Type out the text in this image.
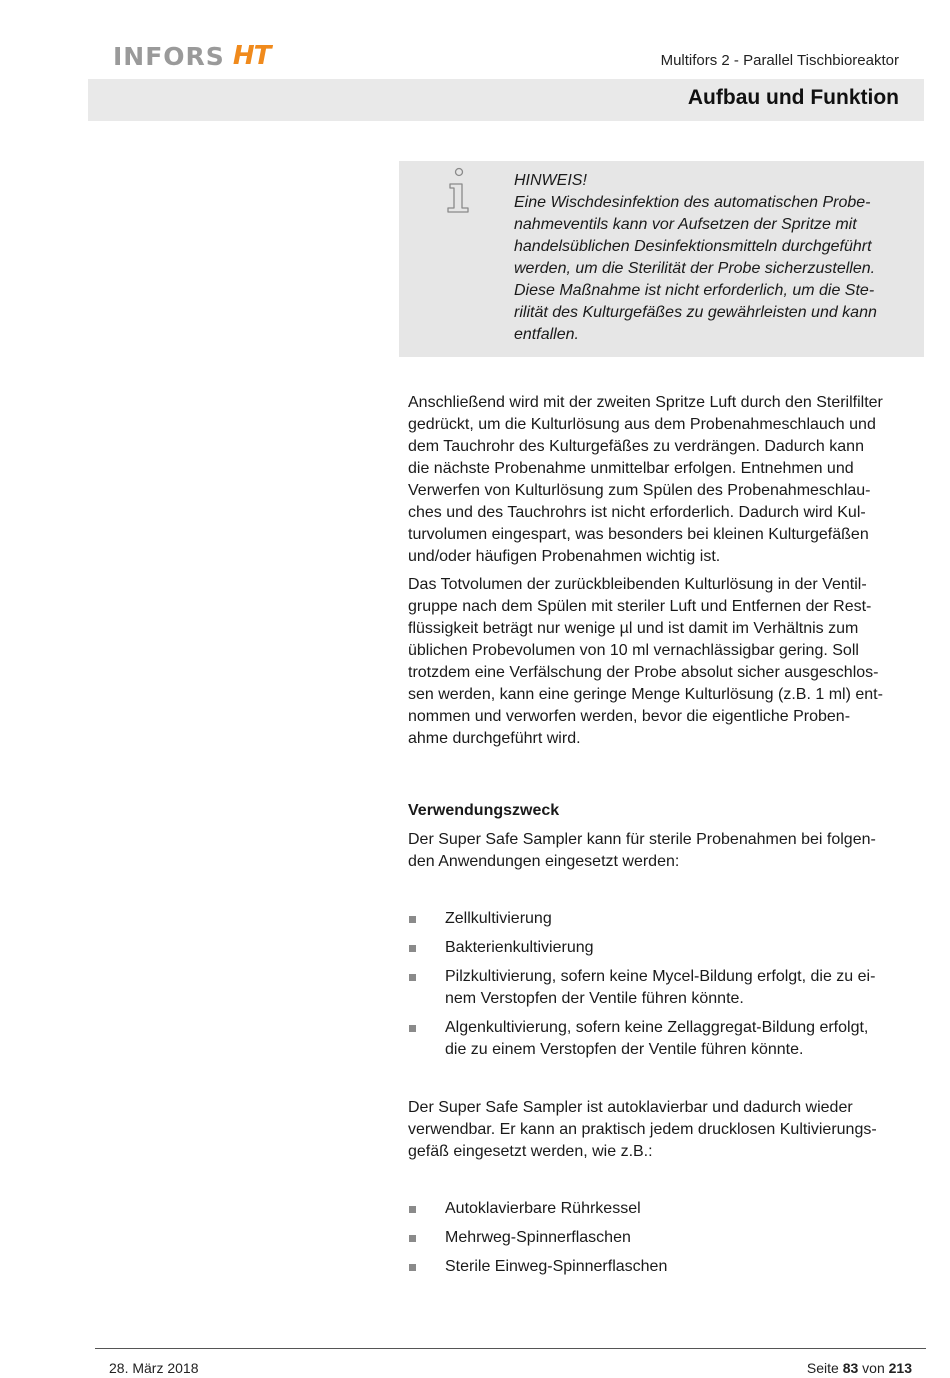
INFORS HT	Multifors 2 - Parallel Tischbioreaktor
Aufbau und Funktion

HINWEIS!

Eine Wischdesinfektion des automatischen Probe-

nahmeventils kann vor Aufsetzen der Spritze mit

handelsüblichen Desinfektionsmitteln durchgeführt

werden, um die Sterilität der Probe sicherzustellen.

Diese Maßnahme ist nicht erforderlich, um die Ste-

rilität des Kulturgefäßes zu gewährleisten und kann

entfallen.

Anschließend wird mit der zweiten Spritze Luft durch den Sterilfilter

gedrückt, um die Kulturlösung aus dem Probenahmeschlauch und

dem Tauchrohr des Kulturgefäßes zu verdrängen. Dadurch kann

die nächste Probenahme unmittelbar erfolgen. Entnehmen und

Verwerfen von Kulturlösung zum Spülen des Probenahmeschlau-

ches und des Tauchrohrs ist nicht erforderlich. Dadurch wird Kul-

turvolumen eingespart, was besonders bei kleinen Kulturgefäßen

und/oder häufigen Probenahmen wichtig ist.

Das Totvolumen der zurückbleibenden Kulturlösung in der Ventil-

gruppe nach dem Spülen mit steriler Luft und Entfernen der Rest-

flüssigkeit beträgt nur wenige µl und ist damit im Verhältnis zum

üblichen Probevolumen von 10 ml vernachlässigbar gering. Soll

trotzdem eine Verfälschung der Probe absolut sicher ausgeschlos-

sen werden, kann eine geringe Menge Kulturlösung (z.B. 1 ml) ent-

nommen und verworfen werden, bevor die eigentliche Proben-

ahme durchgeführt wird.

Verwendungszweck

Der Super Safe Sampler kann für sterile Probenahmen bei folgen-

den Anwendungen eingesetzt werden:

Zellkultivierung
Bakterienkultivierung
Pilzkultivierung, sofern keine Mycel-Bildung erfolgt, die zu ei-
nem Verstopfen der Ventile führen könnte.
Algenkultivierung, sofern keine Zellaggregat-Bildung erfolgt,
die zu einem Verstopfen der Ventile führen könnte.

Der Super Safe Sampler ist autoklavierbar und dadurch wieder

verwendbar. Er kann an praktisch jedem drucklosen Kultivierungs-

gefäß eingesetzt werden, wie z.B.:

Autoklavierbare Rührkessel
Mehrweg-Spinnerflaschen
Sterile Einweg-Spinnerflaschen
28. März 2018	Seite 83 von 213
